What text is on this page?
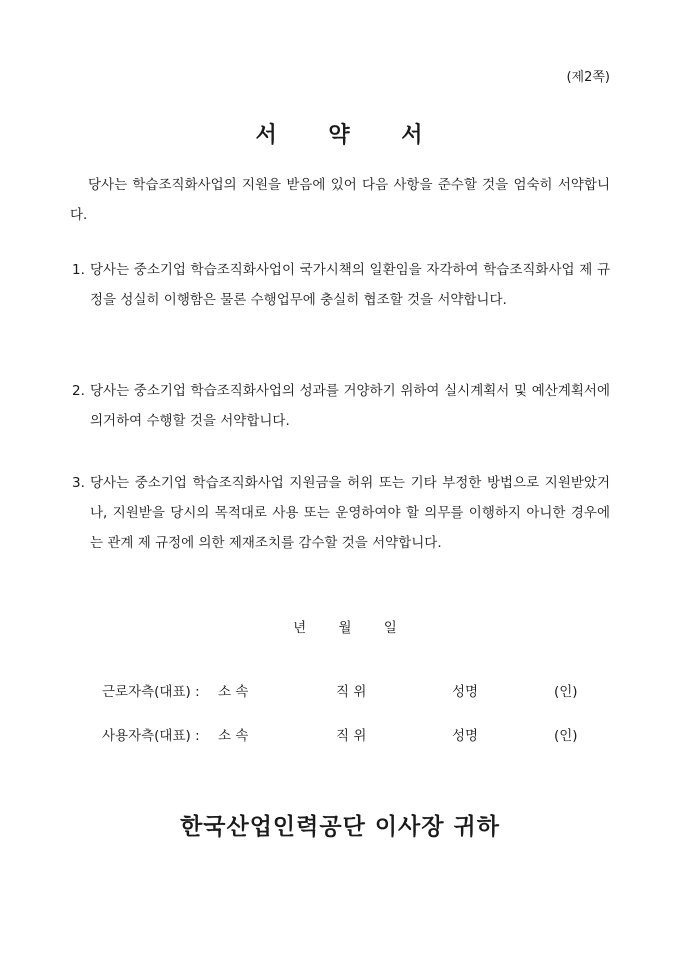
(제2쪽)
서 약 서
당사는 학습조직화사업의 지원을 받음에 있어 다음 사항을 준수할 것을 엄숙히 서약합니다.
1. 당사는 중소기업 학습조직화사업이 국가시책의 일환임을 자각하여 학습조직화사업 제 규정을 성실히 이행함은 물론 수행업무에 충실히 협조할 것을 서약합니다.
2. 당사는 중소기업 학습조직화사업의 성과를 거양하기 위하여 실시계획서 및 예산계획서에 의거하여 수행할 것을 서약합니다.
3. 당사는 중소기업 학습조직화사업 지원금을 허위 또는 기타 부정한 방법으로 지원받았거나, 지원받을 당시의 목적대로 사용 또는 운영하여야 할 의무를 이행하지 아니한 경우에는 관계 제 규정에 의한 제재조치를 감수할 것을 서약합니다.
년 월 일
근로자측(대표) : 소 속	직 위	성명	(인)
사용자측(대표) : 소 속	직 위	성명	(인)
한국산업인력공단 이사장 귀하
